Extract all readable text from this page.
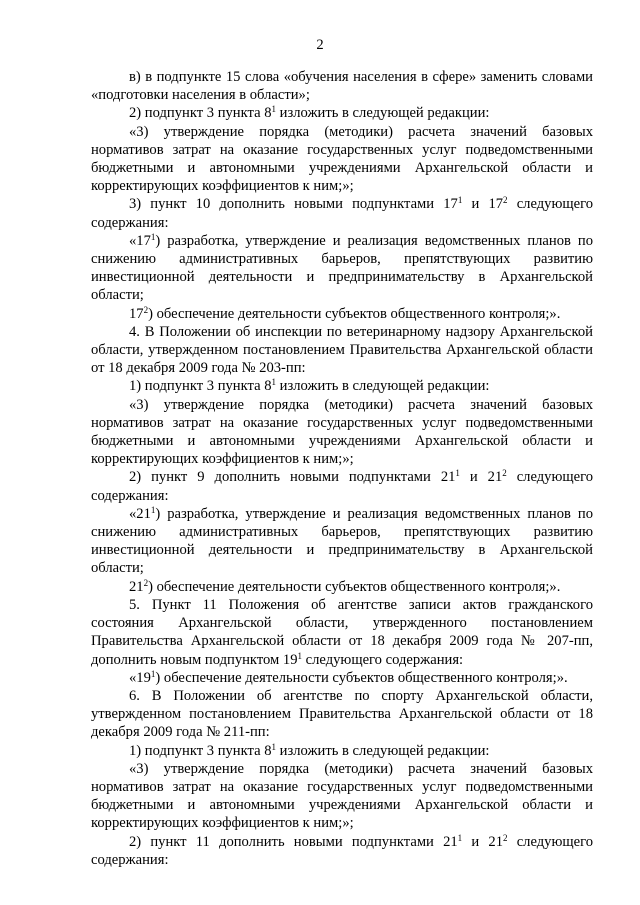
2

в) в подпункте 15 слова «обучения населения в сфере» заменить словами «подготовки населения в области»;

2) подпункт 3 пункта $8^1$ изложить в следующей редакции:

«3) утверждение порядка (методики) расчета значений базовых нормативов затрат на оказание государственных услуг подведомственными бюджетными и автономными учреждениями Архангельской области и корректирующих коэффициентов к ним;»;

3) пункт 10 дополнить новыми подпунктами $17^1$ и $17^2$ следующего содержания:

«$17^1$) разработка, утверждение и реализация ведомственных планов по снижению административных барьеров, препятствующих развитию инвестиционной деятельности и предпринимательству в Архангельской области;

$17^2$) обеспечение деятельности субъектов общественного контроля;».

4. В Положении об инспекции по ветеринарному надзору Архангельской области, утвержденном постановлением Правительства Архангельской области от 18 декабря 2009 года № 203-пп:

1) подпункт 3 пункта $8^1$ изложить в следующей редакции:

«3) утверждение порядка (методики) расчета значений базовых нормативов затрат на оказание государственных услуг подведомственными бюджетными и автономными учреждениями Архангельской области и корректирующих коэффициентов к ним;»;

2) пункт 9 дополнить новыми подпунктами $21^1$ и $21^2$ следующего содержания:

«$21^1$) разработка, утверждение и реализация ведомственных планов по снижению административных барьеров, препятствующих развитию инвестиционной деятельности и предпринимательству в Архангельской области;

$21^2$) обеспечение деятельности субъектов общественного контроля;».

5. Пункт 11 Положения об агентстве записи актов гражданского состояния Архангельской области, утвержденного постановлением Правительства Архангельской области от 18 декабря 2009 года № 207-пп, дополнить новым подпунктом $19^1$ следующего содержания:

«$19^1$) обеспечение деятельности субъектов общественного контроля;».

6. В Положении об агентстве по спорту Архангельской области, утвержденном постановлением Правительства Архангельской области от 18 декабря 2009 года № 211-пп:

1) подпункт 3 пункта $8^1$ изложить в следующей редакции:

«3) утверждение порядка (методики) расчета значений базовых нормативов затрат на оказание государственных услуг подведомственными бюджетными и автономными учреждениями Архангельской области и корректирующих коэффициентов к ним;»;

2) пункт 11 дополнить новыми подпунктами $21^1$ и $21^2$ следующего содержания:
